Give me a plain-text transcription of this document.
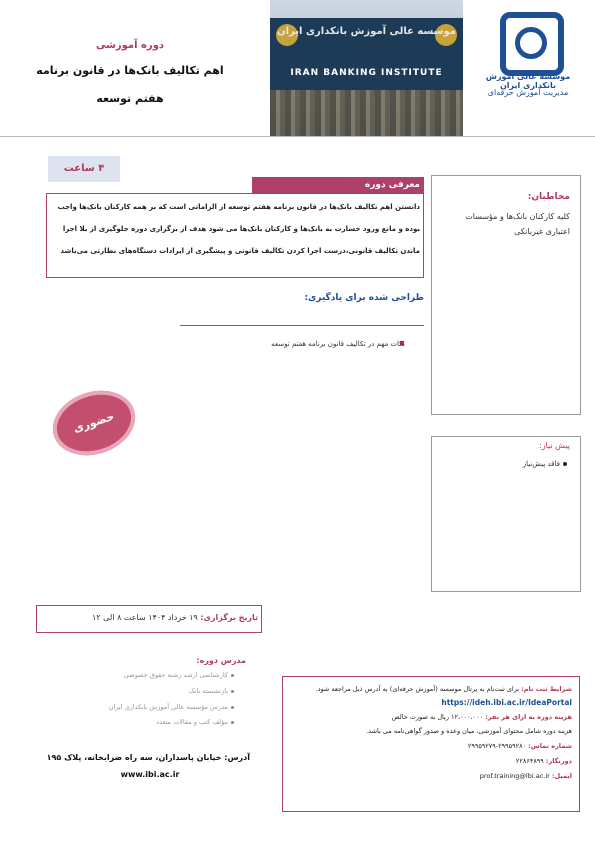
دوره آموزشی
اهم تکالیف بانک‌ها در قانون برنامه
هفتم توسعه
موسسه عالی آموزش بانکداری ایران
IRAN BANKING INSTITUTE	موسسه عالی آموزش بانکداری ایران
مدیریت آموزش حرفه‌ای
۴ ساعت
معرفی دوره
دانستن اهم تکالیف بانک‌ها در قانون برنامه هفتم توسعه از الزاماتی است که بر همه کارکنان بانک‌ها واجب بوده و مانع ورود خسارت به بانک‌ها و کارکنان بانک‌ها می شود هدف از برگزاری دوره جلوگیری از بلا اجرا ماندن تکالیف قانونی،درست اجرا کردن تکالیف قانونی و پیشگیری از ایرادات دستگاه‌های نظارتی می‌باشد
مخاطبان:
کلیه کارکنان بانک‌ها و مؤسسات اعتباری غیربانکی
طراحی شده برای یادگیری:
نکات مهم در تکالیف قانون برنامه هفتم توسعه
حضوری
پیش نیاز:
فاقد پیش‌نیاز
تاریخ برگزاری: ۱۹ خرداد ۱۴۰۴ ساعت ۸ الی ۱۲
مدرس دوره:
کارشناسی ارشد رشته حقوق خصوصی
بازنشسته بانک
مدرس مؤسسه عالی آموزش بانکداری ایران
مؤلف کتب و مقالات متعدد
آدرس: خیابان پاسداران، سه راه ضرابخانه، پلاک ۱۹۵
www.ibi.ac.ir
شرایط ثبت نام: برای ثبت‌نام به پرتال موسسه (آموزش حرفه‌ای) به آدرس ذیل مراجعه شود.
https://ideh.ibi.ac.ir/IdeaPortal
هزینه دوره به ازای هر نفر: ۱۲،۰۰۰،۰۰۰ ریال به صورت خالص
هزینه دوره شامل محتوای آموزشی، میان وعده و صدور گواهی‌نامه می باشد.
شماره تماس: ۲۹۹۵۹۲۸۰-۲۹۹۵۹۲۷۹
دورنگار: ۲۲۸۶۴۸۹۹
ایمیل: prof.training@ibi.ac.ir
